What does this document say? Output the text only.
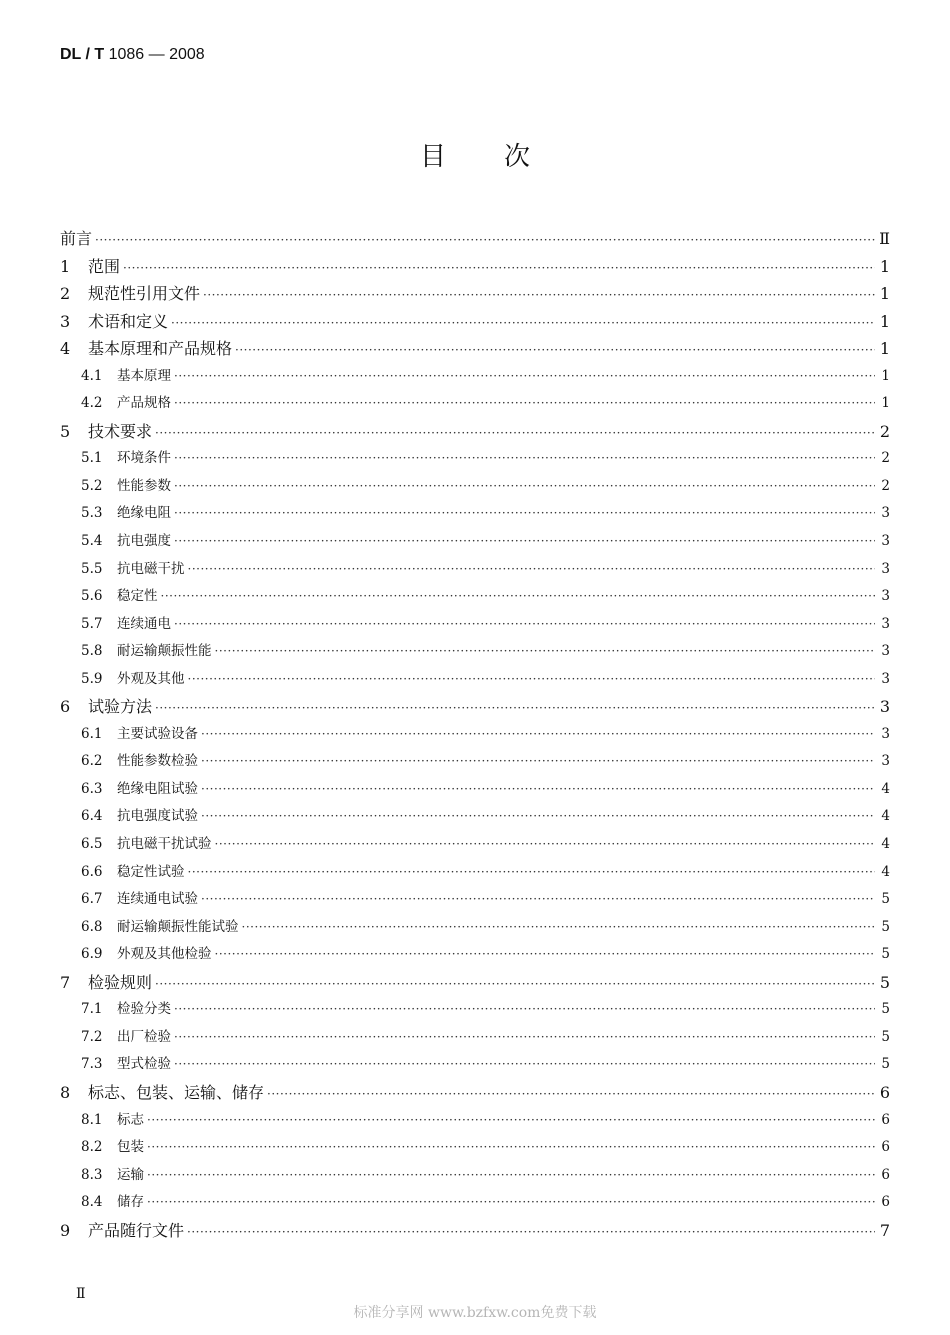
DL / T 1086 — 2008
目次
前言 ·····	Ⅱ
1	范围 ·····	1
2	规范性引用文件 ·····	1
3	术语和定义 ·····	1
4	基本原理和产品规格 ·····	1
4.1	基本原理 ·····	1
4.2	产品规格 ·····	1
5	技术要求 ·····	2
5.1	环境条件 ·····	2
5.2	性能参数 ·····	2
5.3	绝缘电阻 ·····	3
5.4	抗电强度 ·····	3
5.5	抗电磁干扰 ·····	3
5.6	稳定性 ·····	3
5.7	连续通电 ·····	3
5.8	耐运输颠振性能 ·····	3
5.9	外观及其他 ·····	3
6	试验方法 ·····	3
6.1	主要试验设备 ·····	3
6.2	性能参数检验 ·····	3
6.3	绝缘电阻试验 ·····	4
6.4	抗电强度试验 ·····	4
6.5	抗电磁干扰试验 ·····	4
6.6	稳定性试验 ·····	4
6.7	连续通电试验 ·····	5
6.8	耐运输颠振性能试验 ·····	5
6.9	外观及其他检验 ·····	5
7	检验规则 ·····	5
7.1	检验分类 ·····	5
7.2	出厂检验 ·····	5
7.3	型式检验 ·····	5
8	标志、包装、运输、储存 ·····	6
8.1	标志 ·····	6
8.2	包装 ·····	6
8.3	运输 ·····	6
8.4	储存 ·····	6
9	产品随行文件 ·····	7
Ⅱ
标准分享网 www.bzfxw.com免费下载
